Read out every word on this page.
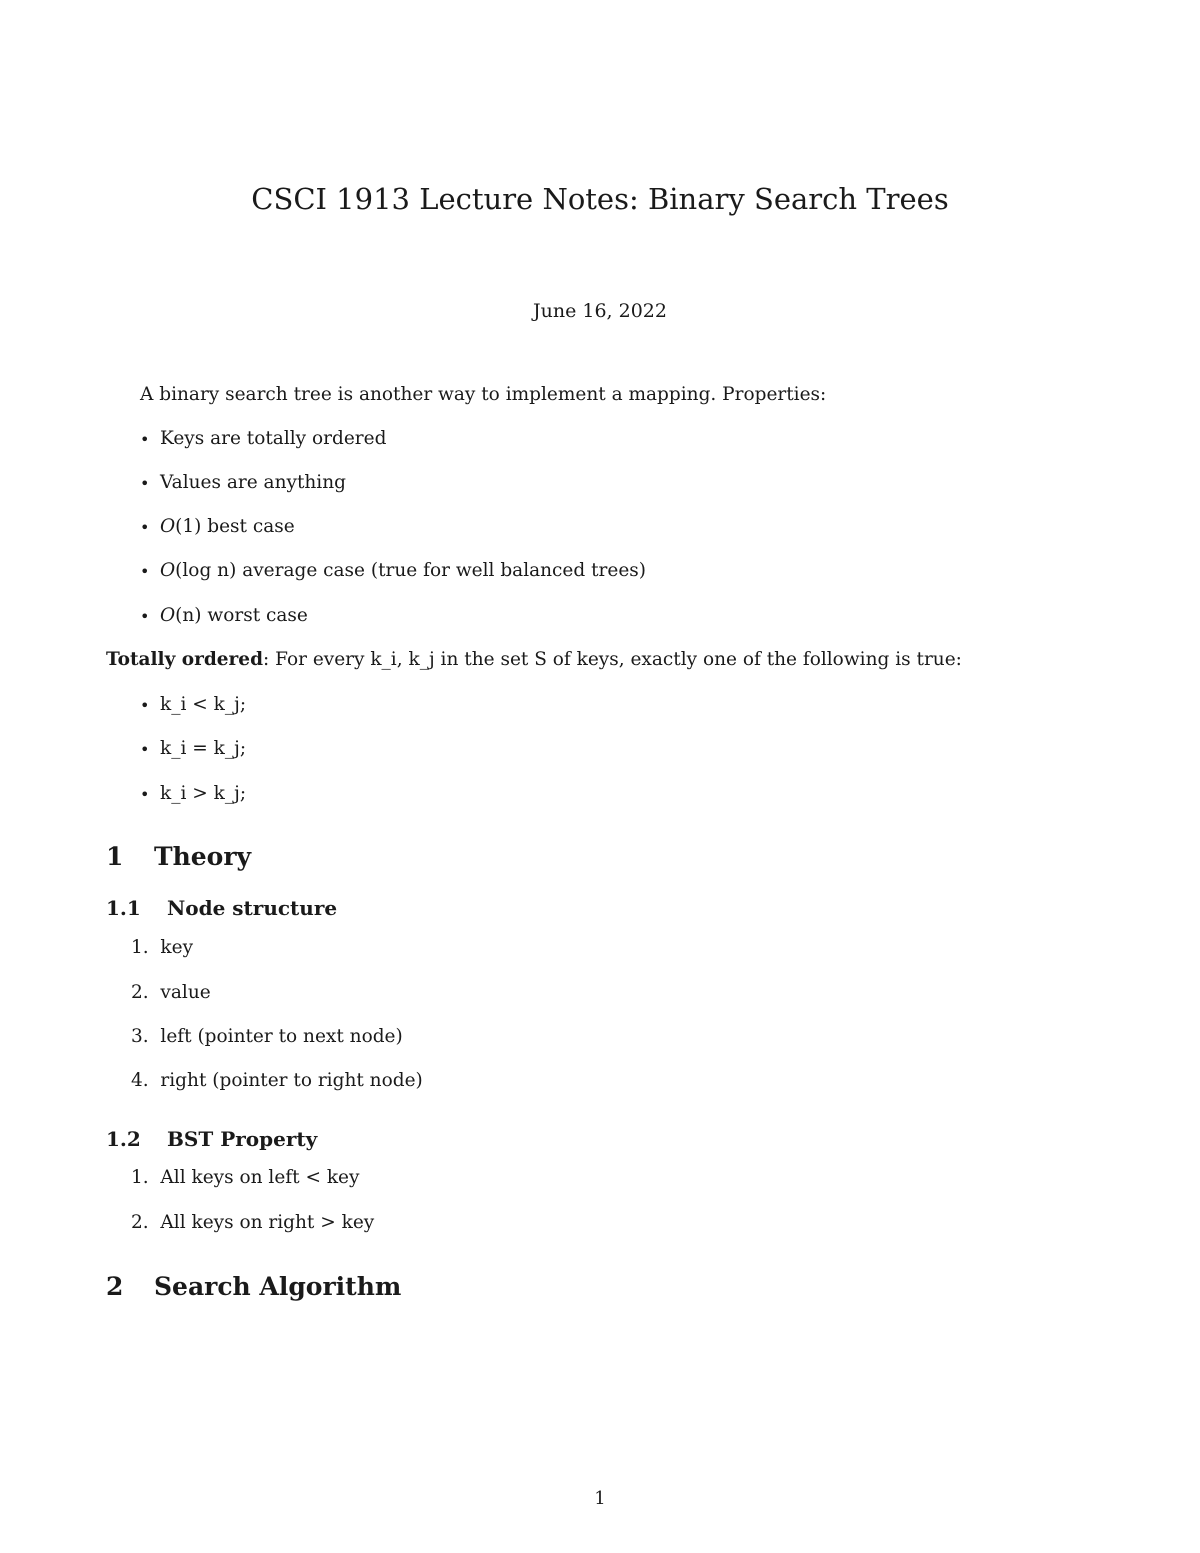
CSCI 1913 Lecture Notes: Binary Search Trees
June 16, 2022
A binary search tree is another way to implement a mapping. Properties:
• Keys are totally ordered
• Values are anything
• O(1) best case
• O(log n) average case (true for well balanced trees)
• O(n) worst case
Totally ordered: For every k_i, k_j in the set S of keys, exactly one of the following is true:
• k_i < k_j;
• k_i = k_j;
• k_i > k_j;
1 Theory
1.1 Node structure
1.  key
2.  value
3.  left (pointer to next node)
4.  right (pointer to right node)
1.2 BST Property
1.  All keys on left < key
2.  All keys on right > key
2 Search Algorithm
1
